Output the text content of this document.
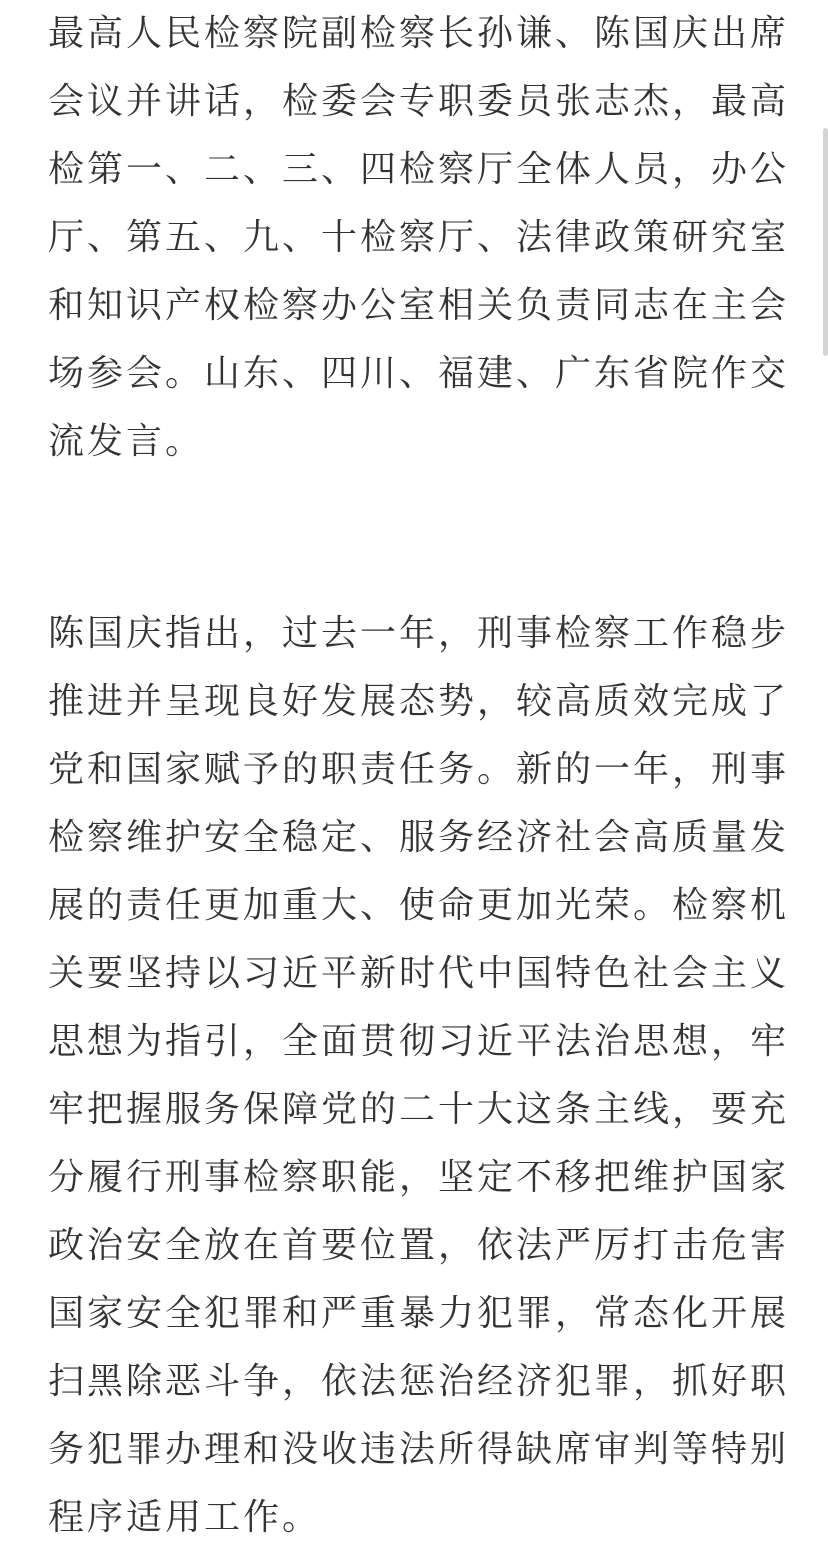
最高人民检察院副检察长孙谦、陈国庆出席
会议并讲话，检委会专职委员张志杰，最高
检第一、二、三、四检察厅全体人员，办公
厅、第五、九、十检察厅、法律政策研究室
和知识产权检察办公室相关负责同志在主会
场参会。山东、四川、福建、广东省院作交
流发言。
陈国庆指出，过去一年，刑事检察工作稳步
推进并呈现良好发展态势，较高质效完成了
党和国家赋予的职责任务。新的一年，刑事
检察维护安全稳定、服务经济社会高质量发
展的责任更加重大、使命更加光荣。检察机
关要坚持以习近平新时代中国特色社会主义
思想为指引，全面贯彻习近平法治思想，牢
牢把握服务保障党的二十大这条主线，要充
分履行刑事检察职能，坚定不移把维护国家
政治安全放在首要位置，依法严厉打击危害
国家安全犯罪和严重暴力犯罪，常态化开展
扫黑除恶斗争，依法惩治经济犯罪，抓好职
务犯罪办理和没收违法所得缺席审判等特别
程序适用工作。
